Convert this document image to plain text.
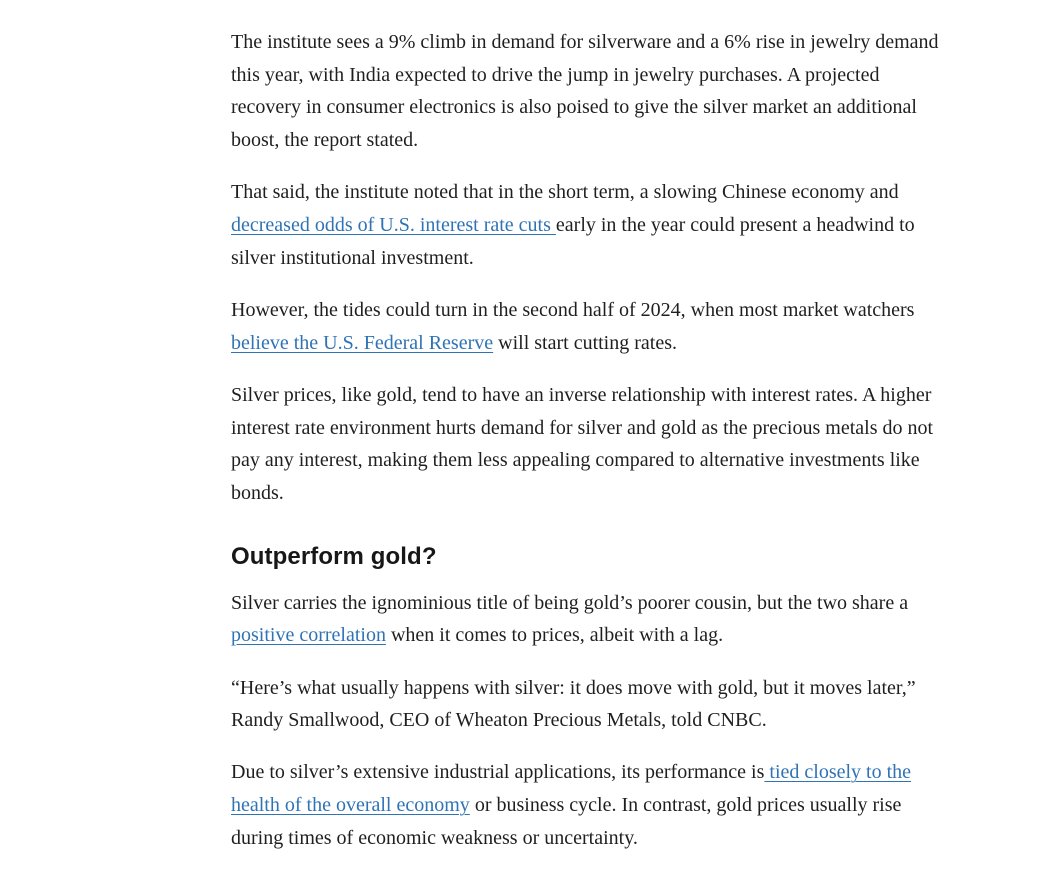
The institute sees a 9% climb in demand for silverware and a 6% rise in jewelry demand this year, with India expected to drive the jump in jewelry purchases. A projected recovery in consumer electronics is also poised to give the silver market an additional boost, the report stated.

That said, the institute noted that in the short term, a slowing Chinese economy and decreased odds of U.S. interest rate cuts early in the year could present a headwind to silver institutional investment.

However, the tides could turn in the second half of 2024, when most market watchers believe the U.S. Federal Reserve will start cutting rates.

Silver prices, like gold, tend to have an inverse relationship with interest rates. A higher interest rate environment hurts demand for silver and gold as the precious metals do not pay any interest, making them less appealing compared to alternative investments like bonds.

Outperform gold?

Silver carries the ignominious title of being gold’s poorer cousin, but the two share a positive correlation when it comes to prices, albeit with a lag.

“Here’s what usually happens with silver: it does move with gold, but it moves later,” Randy Smallwood, CEO of Wheaton Precious Metals, told CNBC.

Due to silver’s extensive industrial applications, its performance is tied closely to the health of the overall economy or business cycle. In contrast, gold prices usually rise during times of economic weakness or uncertainty.
